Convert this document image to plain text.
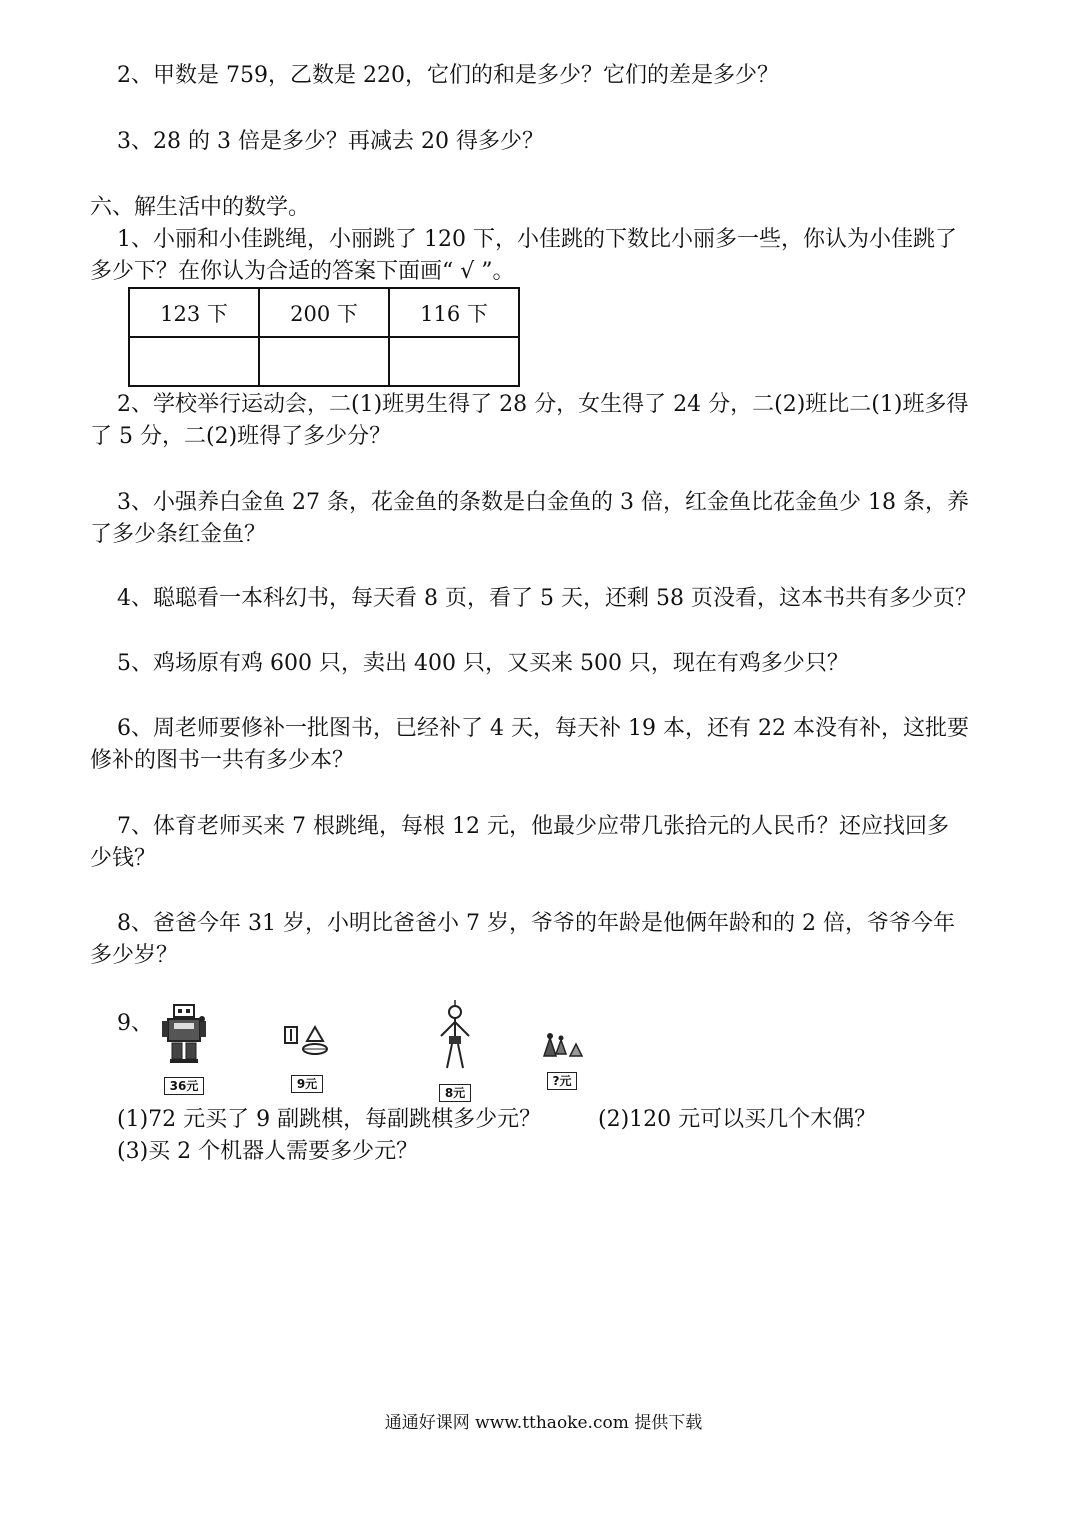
2、甲数是 759，乙数是 220，它们的和是多少？它们的差是多少？
3、28 的 3 倍是多少？再减去 20 得多少？
六、解生活中的数学。
1、小丽和小佳跳绳，小丽跳了 120 下，小佳跳的下数比小丽多一些，你认为小佳跳了
多少下？在你认为合适的答案下面画“ √ ”。
123 下	200 下	116 下

2、学校举行运动会，二(1)班男生得了 28 分，女生得了 24 分，二(2)班比二(1)班多得
了 5 分，二(2)班得了多少分？
3、小强养白金鱼 27 条，花金鱼的条数是白金鱼的 3 倍，红金鱼比花金鱼少 18 条，养
了多少条红金鱼？
4、聪聪看一本科幻书，每天看 8 页，看了 5 天，还剩 58 页没看，这本书共有多少页？
5、鸡场原有鸡 600 只，卖出 400 只，又买来 500 只，现在有鸡多少只？
6、周老师要修补一批图书，已经补了 4 天，每天补 19 本，还有 22 本没有补，这批要
修补的图书一共有多少本？
7、体育老师买来 7 根跳绳，每根 12 元，他最少应带几张拾元的人民币？还应找回多
少钱？
8、爸爸今年 31 岁，小明比爸爸小 7 岁，爷爷的年龄是他俩年龄和的 2 倍，爷爷今年
多少岁？
9、
36元	9元
8元
?元
(1)72 元买了 9 副跳棋，每副跳棋多少元？	(2)120 元可以买几个木偶？
(3)买 2 个机器人需要多少元？
通通好课网 www.tthaoke.com 提供下载
